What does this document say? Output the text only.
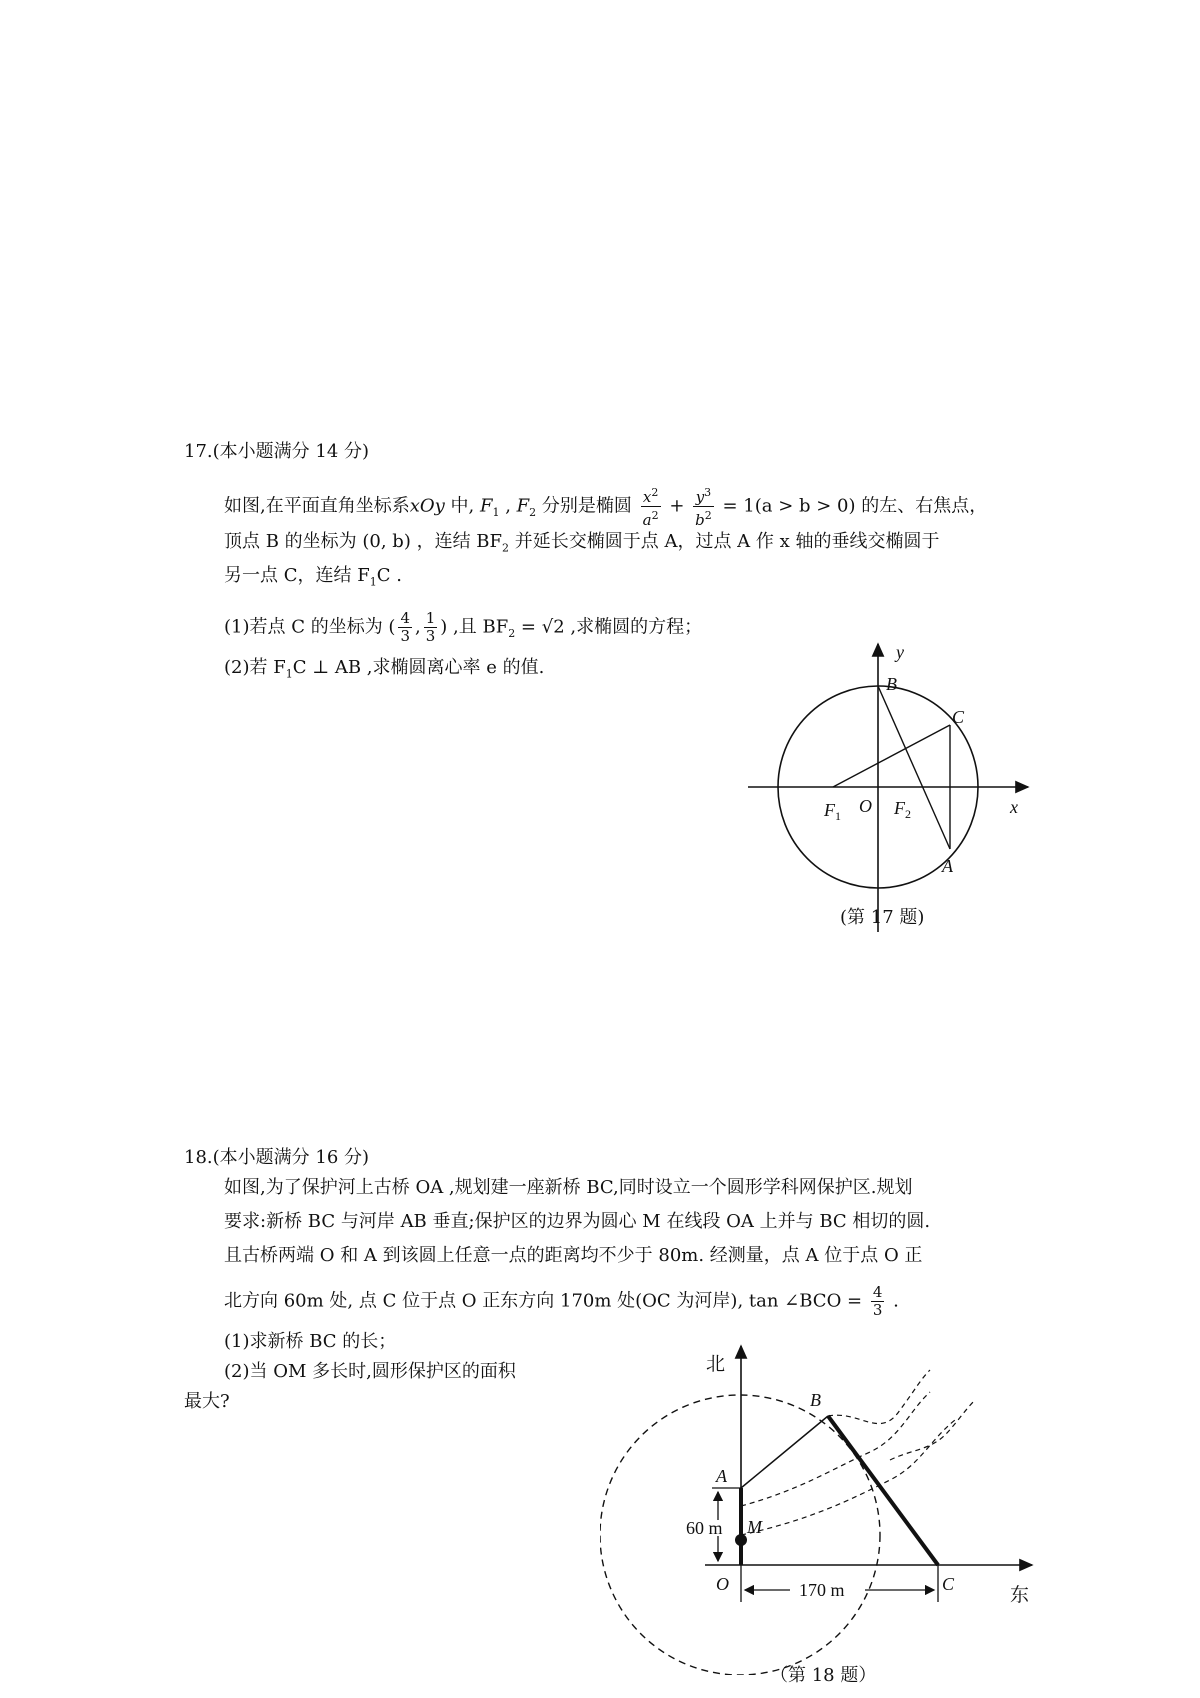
17.(本小题满分 14 分)
如图,在平面直角坐标系xOy 中, $F_1$ , $F_2$ 分别是椭圆 $\frac{x^2}{a^2} + \frac{y^3}{b^2} = 1(a > b > 0)$ 的左、右焦点，
顶点 B 的坐标为 (0, b) ，连结 $BF_2$ 并延长交椭圆于点 A，过点 A 作 x 轴的垂线交椭圆于
另一点 C，连结 $F_1C$ .
(1)若点 C 的坐标为 ( $\frac{4}{3}$ , $\frac{1}{3}$ ) ,且 $BF_2 = √2$ ,求椭圆的方程；
(2)若 $F_1C$ ⊥ AB ,求椭圆离心率 e 的值.
y
B
C
x
O
$F_1$	$F_2$
A
(第 17 题)
18.(本小题满分 16 分)
如图,为了保护河上古桥 OA ,规划建一座新桥 BC,同时设立一个圆形学科网保护区.规划
要求:新桥 BC 与河岸 AB 垂直;保护区的边界为圆心 M 在线段 OA 上并与 BC 相切的圆.
且古桥两端 O 和 A 到该圆上任意一点的距离均不少于 80m. 经测量，点 A 位于点 O 正
北方向 60m 处, 点 C 位于点 O 正东方向 170m 处(OC 为河岸), tan ∠BCO = $\frac{4}{3}$ .
(1)求新桥 BC 的长；
(2)当 OM 多长时,圆形保护区的面积
最大?
北
东
B
A
M
O	C
60 m
170 m
（第 18 题）
